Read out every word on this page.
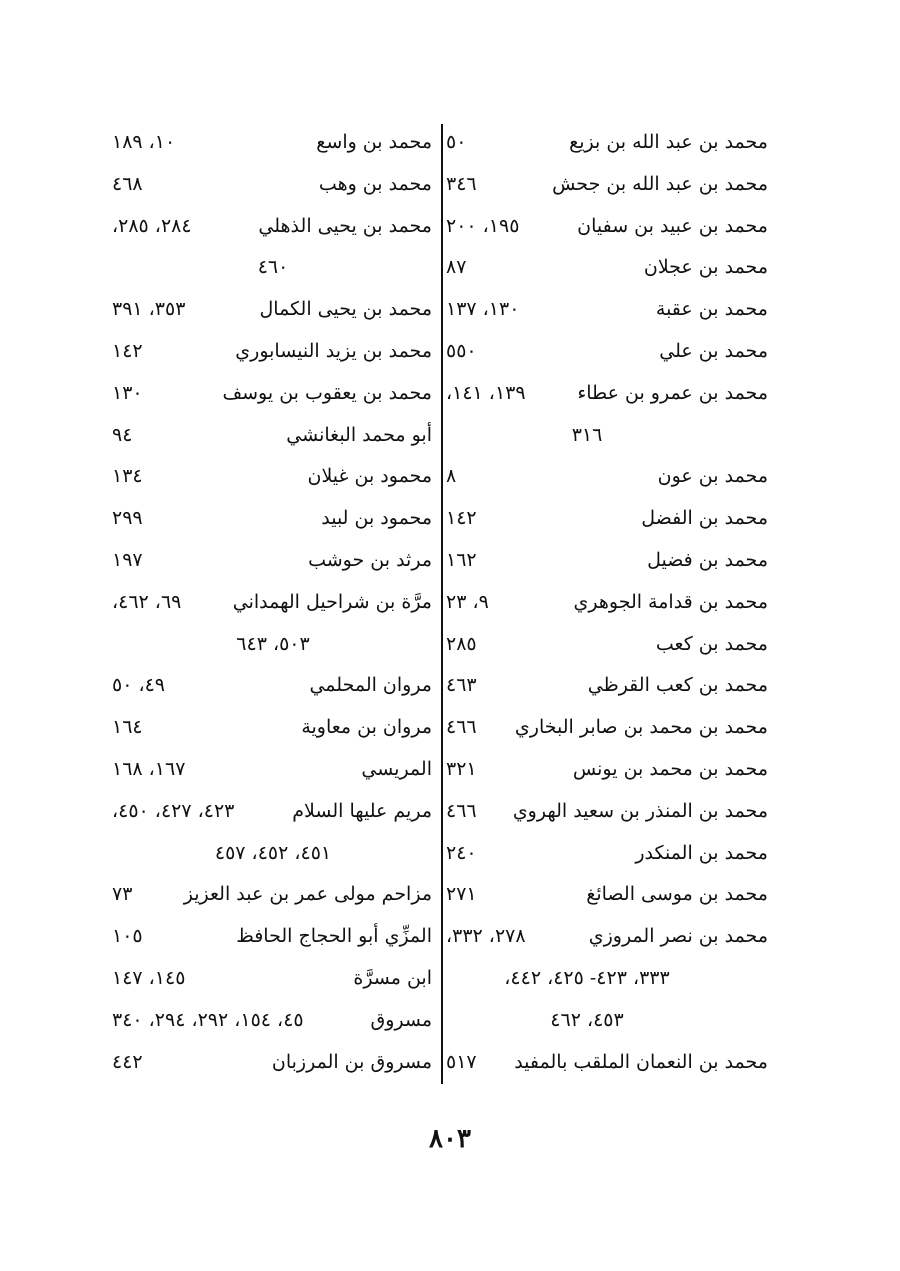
محمد بن عبد الله بن بزيع
٥٠
محمد بن عبد الله بن جحش
٣٤٦
محمد بن عبيد بن سفيان
١٩٥، ٢٠٠
محمد بن عجلان
٨٧
محمد بن عقبة
١٣٠، ١٣٧
محمد بن علي
٥٥٠
محمد بن عمرو بن عطاء
١٣٩، ١٤١،
٣١٦
محمد بن عون
٨
محمد بن الفضل
١٤٢
محمد بن فضيل
١٦٢
محمد بن قدامة الجوهري
٩، ٢٣
محمد بن كعب
٢٨٥
محمد بن كعب القرظي
٤٦٣
محمد بن محمد بن صابر البخاري
٤٦٦
محمد بن محمد بن يونس
٣٢١
محمد بن المنذر بن سعيد الهروي
٤٦٦
محمد بن المنكدر
٢٤٠
محمد بن موسى الصائغ
٢٧١
محمد بن نصر المروزي
٢٧٨، ٣٣٢،
٣٣٣، ٤٢٣- ٤٢٥، ٤٤٢،
٤٥٣، ٤٦٢
محمد بن النعمان الملقب بالمفيد
٥١٧
محمد بن واسع
١٠، ١٨٩
محمد بن وهب
٤٦٨
محمد بن يحيى الذهلي
٢٨٤، ٢٨٥،
٤٦٠
محمد بن يحيى الكمال
٣٥٣، ٣٩١
محمد بن يزيد النيسابوري
١٤٢
محمد بن يعقوب بن يوسف
١٣٠
أبو محمد البغانشي
٩٤
محمود بن غيلان
١٣٤
محمود بن لبيد
٢٩٩
مرثد بن حوشب
١٩٧
مرَّة بن شراحيل الهمداني
٦٩، ٤٦٢،
٥٠٣، ٦٤٣
مروان المحلمي
٤٩، ٥٠
مروان بن معاوية
١٦٤
المريسي
١٦٧، ١٦٨
مريم عليها السلام
٤٢٣، ٤٢٧، ٤٥٠،
٤٥١، ٤٥٢، ٤٥٧
مزاحم مولى عمر بن عبد العزيز
٧٣
المزِّي أبو الحجاج الحافظ
١٠٥
ابن مسرَّة
١٤٥، ١٤٧
مسروق
٤٥، ١٥٤، ٢٩٢، ٢٩٤، ٣٤٠
مسروق بن المرزبان
٤٤٢
٨٠٣
